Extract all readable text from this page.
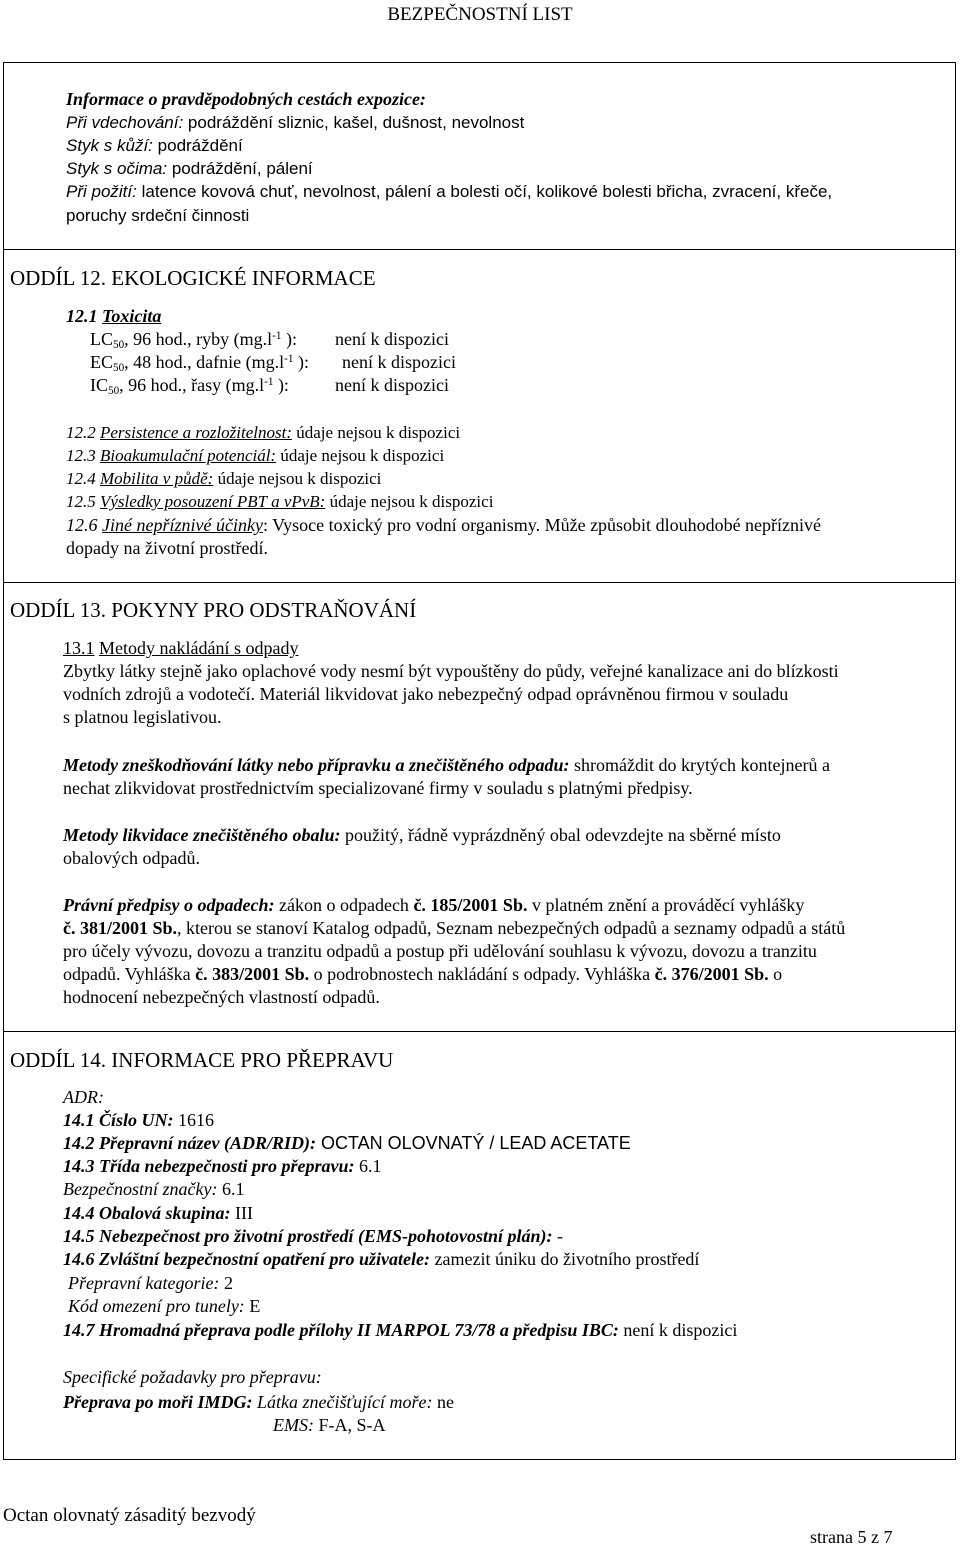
BEZPEČNOSTNÍ LIST
Informace o pravděpodobných cestách expozice:
Při vdechování: podráždění sliznic, kašel, dušnost, nevolnost
Styk s kůží: podráždění
Styk s očima: podráždění, pálení
Při požití: latence kovová chuť, nevolnost, pálení a bolesti očí, kolikové bolesti břicha, zvracení, křeče,
poruchy srdeční činnosti
ODDÍL 12. EKOLOGICKÉ INFORMACE
12.1 Toxicita
$LC_{50}$, 96 hod., ryby ($mg.l^{-1}$ ): není k dispozici
$EC_{50}$, 48 hod., dafnie ($mg.l^{-1}$ ): není k dispozici
$IC_{50}$, 96 hod., řasy ($mg.l^{-1}$ ):	není k dispozici
12.2 Persistence a rozložitelnost: údaje nejsou k dispozici
12.3 Bioakumulační potenciál: údaje nejsou k dispozici
12.4 Mobilita v půdě: údaje nejsou k dispozici
12.5 Výsledky posouzení PBT a vPvB: údaje nejsou k dispozici
12.6 Jiné nepříznivé účinky: Vysoce toxický pro vodní organismy. Může způsobit dlouhodobé nepříznivé
dopady na životní prostředí.
ODDÍL 13. POKYNY PRO ODSTRAŇOVÁNÍ
13.1 Metody nakládání s odpady
Zbytky látky stejně jako oplachové vody nesmí být vypouštěny do půdy, veřejné kanalizace ani do blízkosti
vodních zdrojů a vodotečí. Materiál likvidovat jako nebezpečný odpad oprávněnou firmou v souladu
s platnou legislativou.
Metody zneškodňování látky nebo přípravku a znečištěného odpadu: shromáždit do krytých kontejnerů a
nechat zlikvidovat prostřednictvím specializované firmy v souladu s platnými předpisy.
Metody likvidace znečištěného obalu: použitý, řádně vyprázdněný obal odevzdejte na sběrné místo
obalových odpadů.
Právní předpisy o odpadech: zákon o odpadech č. 185/2001 Sb. v platném znění a prováděcí vyhlášky
č. 381/2001 Sb., kterou se stanoví Katalog odpadů, Seznam nebezpečných odpadů a seznamy odpadů a států
pro účely vývozu, dovozu a tranzitu odpadů a postup při udělování souhlasu k vývozu, dovozu a tranzitu
odpadů. Vyhláška č. 383/2001 Sb. o podrobnostech nakládání s odpady. Vyhláška č. 376/2001 Sb. o
hodnocení nebezpečných vlastností odpadů.
ODDÍL 14. INFORMACE PRO PŘEPRAVU
ADR:
14.1 Číslo UN: 1616
14.2 Přepravní název (ADR/RID): OCTAN OLOVNATÝ / LEAD ACETATE
14.3 Třída nebezpečnosti pro přepravu: 6.1
Bezpečnostní značky: 6.1
14.4 Obalová skupina: III
14.5 Nebezpečnost pro životní prostředí (EMS-pohotovostní plán): -
14.6 Zvláštní bezpečnostní opatření pro uživatele: zamezit úniku do životního prostředí
Přepravní kategorie: 2
Kód omezení pro tunely: E
14.7 Hromadná přeprava podle přílohy II MARPOL 73/78 a předpisu IBC: není k dispozici
Specifické požadavky pro přepravu:
Přeprava po moři IMDG: Látka znečišťující moře: ne
EMS: F-A, S-A
Octan olovnatý zásaditý bezvodý
strana 5 z 7
